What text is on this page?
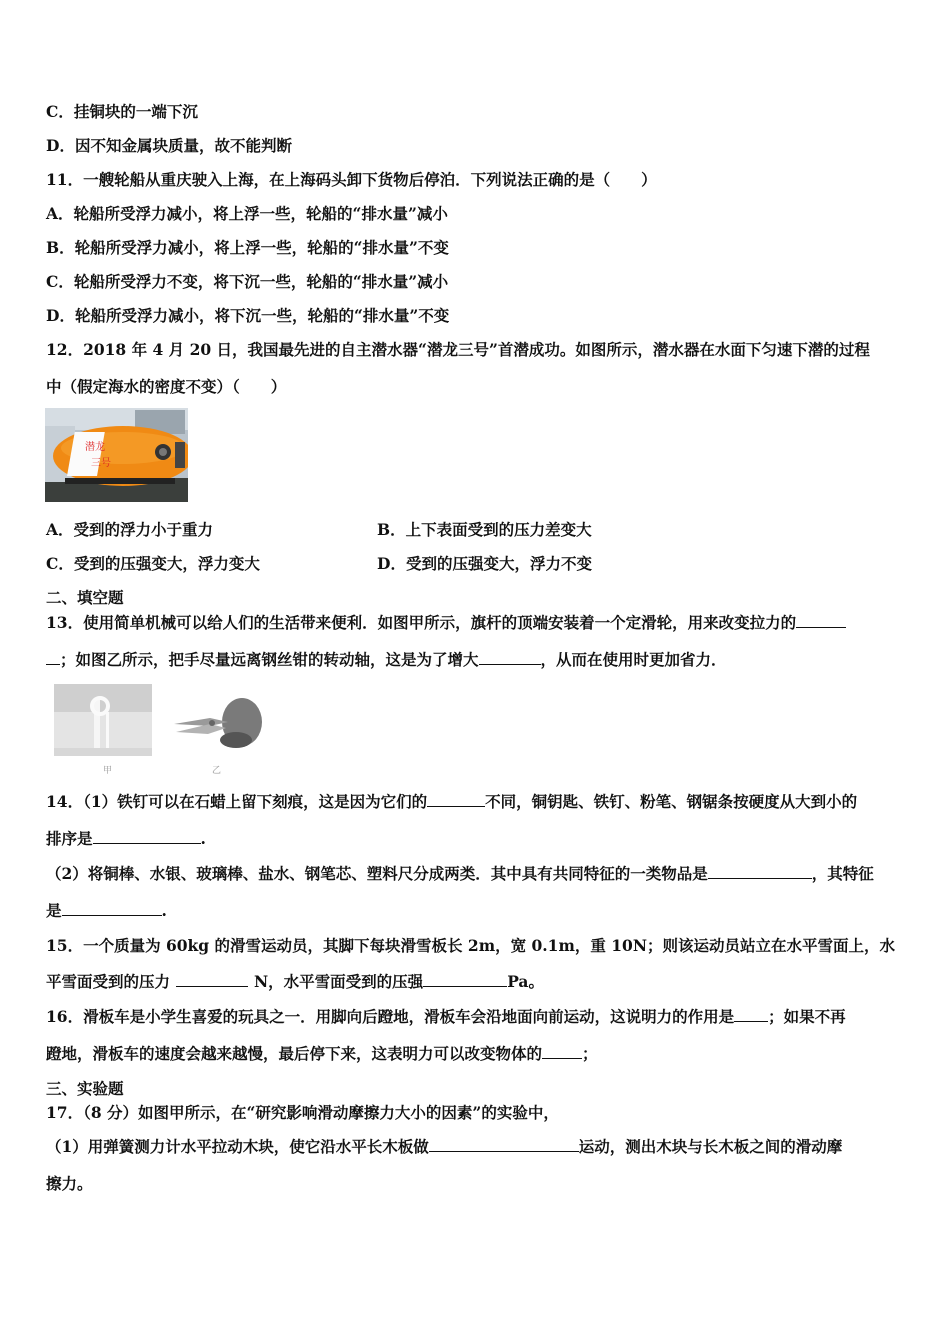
C．挂铜块的一端下沉
D．因不知金属块质量，故不能判断
11．一艘轮船从重庆驶入上海，在上海码头卸下货物后停泊．下列说法正确的是（　　）
A．轮船所受浮力减小，将上浮一些，轮船的“排水量”减小
B．轮船所受浮力减小，将上浮一些，轮船的“排水量”不变
C．轮船所受浮力不变，将下沉一些，轮船的“排水量”减小
D．轮船所受浮力减小，将下沉一些，轮船的“排水量”不变
12．2018 年 4 月 20 日，我国最先进的自主潜水器“潜龙三号”首潜成功。如图所示，潜水器在水面下匀速下潜的过程
中（假定海水的密度不变）（　　）
潜龙
三号
A．受到的浮力小于重力	B．上下表面受到的压力差变大
C．受到的压强变大，浮力变大	D．受到的压强变大，浮力不变
二、填空题
13．使用简单机械可以给人们的生活带来便利．如图甲所示，旗杆的顶端安装着一个定滑轮，用来改变拉力的
；如图乙所示，把手尽量远离钢丝钳的转动轴，这是为了增大	，从而在使用时更加省力．
甲	乙
14．（1）铁钉可以在石蜡上留下刻痕，这是因为它们的	不同，铜钥匙、铁钉、粉笔、钢锯条按硬度从大到小的
排序是	.
（2）将铜棒、水银、玻璃棒、盐水、钢笔芯、塑料尺分成两类．其中具有共同特征的一类物品是	，其特征
是	.
15．一个质量为 60kg 的滑雪运动员，其脚下每块滑雪板长 2m，宽 0.1m，重 10N；则该运动员站立在水平雪面上，水
平雪面受到的压力	N，水平雪面受到的压强	Pa。
16．滑板车是小学生喜爱的玩具之一．用脚向后蹬地，滑板车会沿地面向前运动，这说明力的作用是 ；如果不再
蹬地，滑板车的速度会越来越慢，最后停下来，这表明力可以改变物体的	；
三、实验题
17．（8 分）如图甲所示，在“研究影响滑动摩擦力大小的因素”的实验中，
（1）用弹簧测力计水平拉动木块，使它沿水平长木板做	运动，测出木块与长木板之间的滑动摩
擦力。
